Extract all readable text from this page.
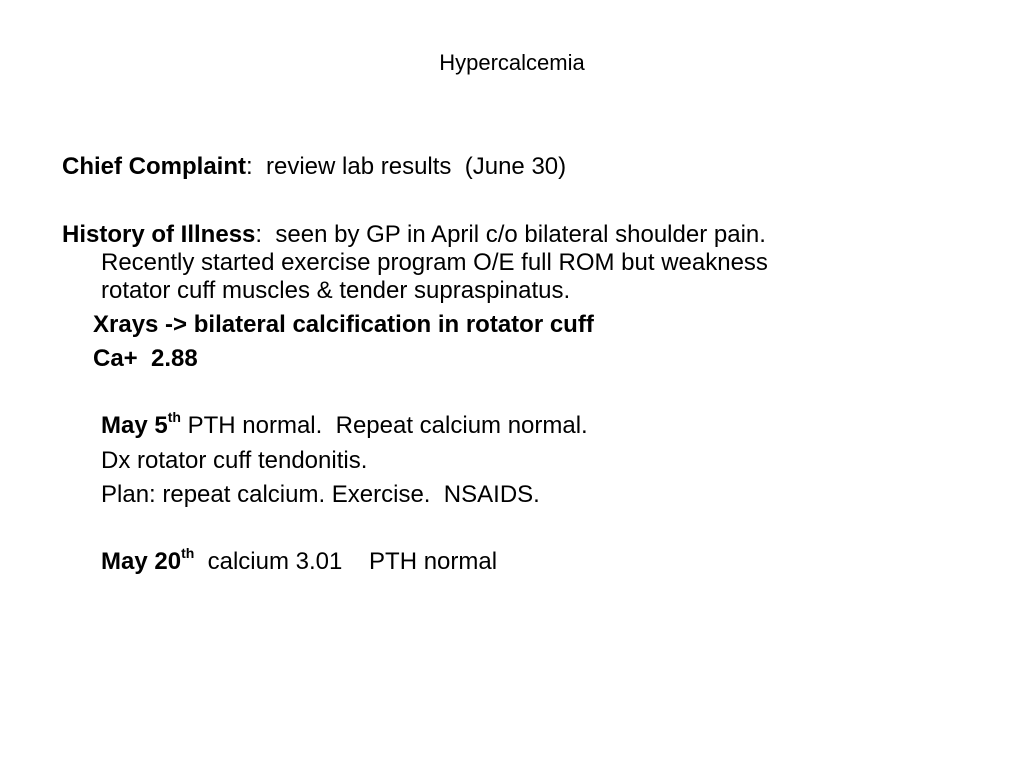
Hypercalcemia
Chief Complaint:  review lab results  (June 30)
History of Illness:  seen by GP in April c/o bilateral shoulder pain.
Recently started exercise program O/E full ROM but weakness
rotator cuff muscles & tender supraspinatus.
Xrays -> bilateral calcification in rotator cuff
Ca+  2.88
May 5th PTH normal.  Repeat calcium normal.
Dx rotator cuff tendonitis.
Plan: repeat calcium. Exercise.  NSAIDS.
May 20th  calcium 3.01    PTH normal
